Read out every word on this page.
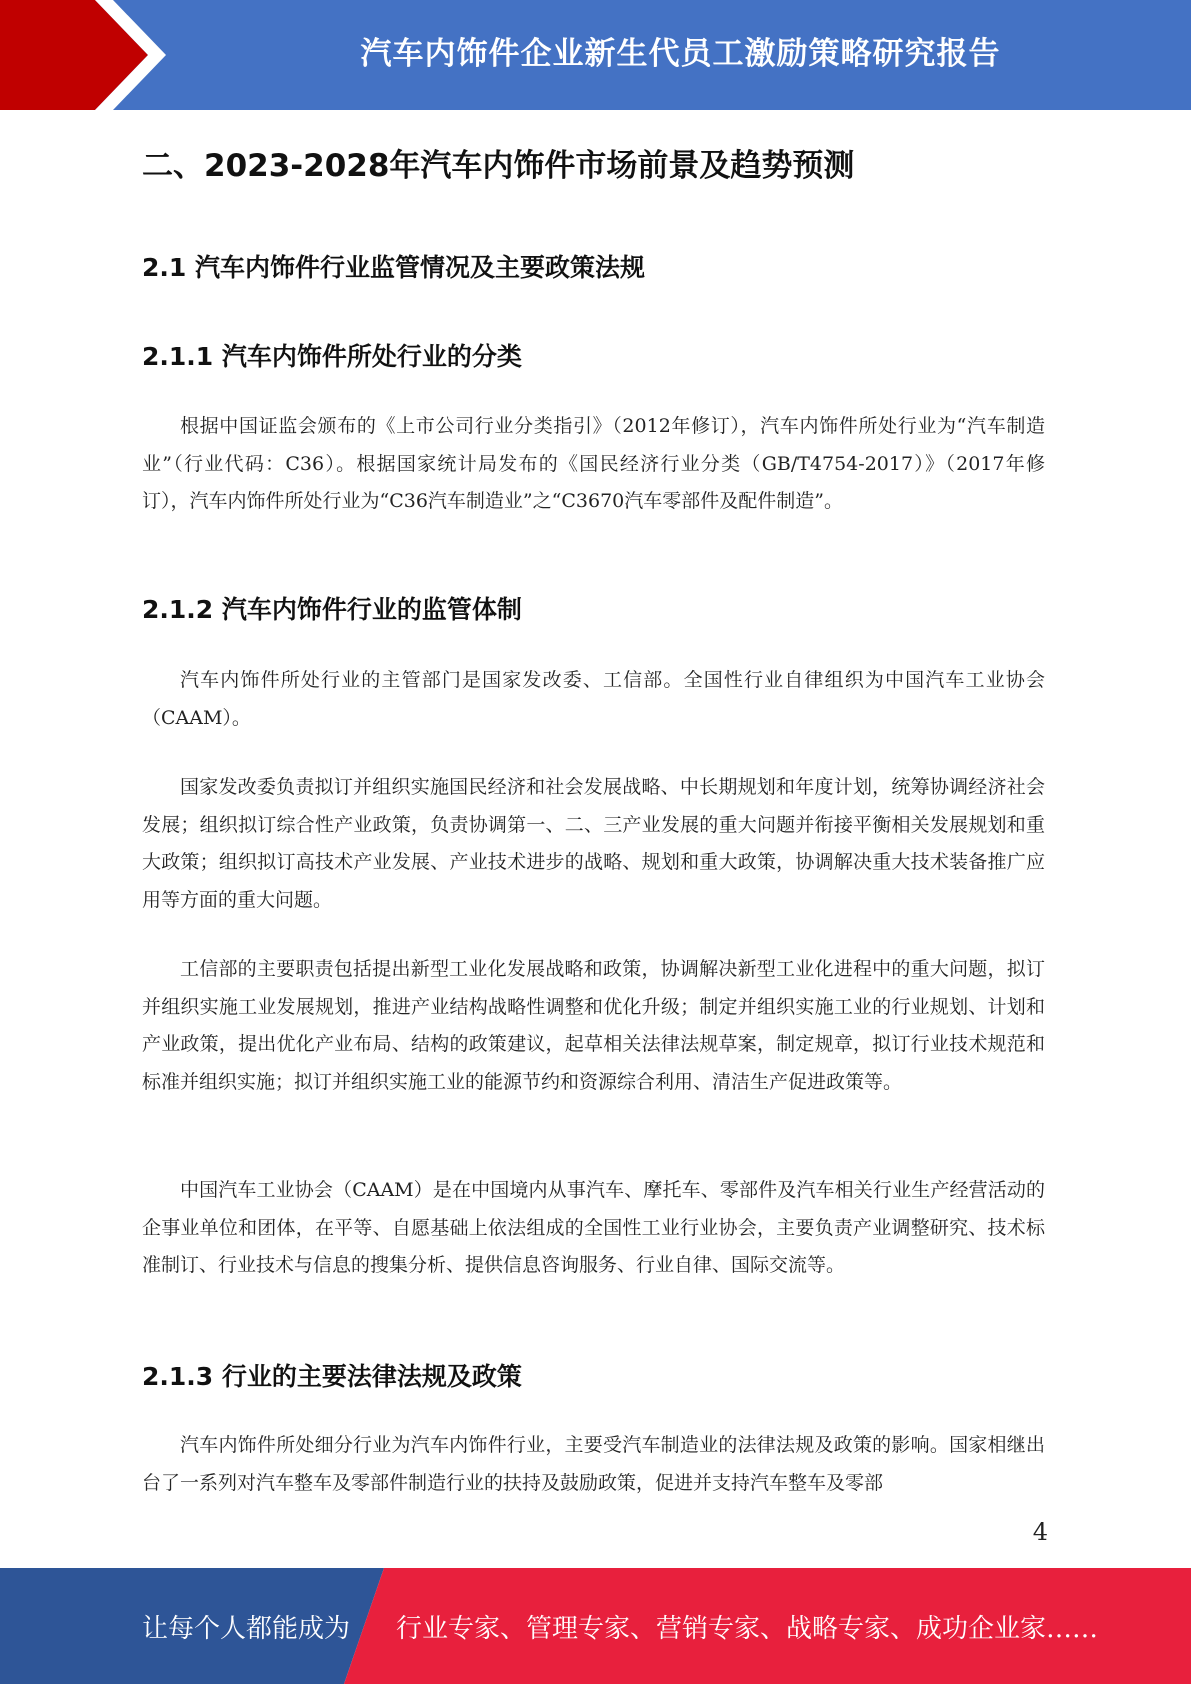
汽车内饰件企业新生代员工激励策略研究报告
二、2023-2028年汽车内饰件市场前景及趋势预测
2.1 汽车内饰件行业监管情况及主要政策法规
2.1.1 汽车内饰件所处行业的分类

根据中国证监会颁布的《上市公司行业分类指引》（2012年修订），汽车内饰件所处行业为“汽车制造业”（行业代码：C36）。根据国家统计局发布的《国民经济行业分类（GB/T4754-2017）》（2017年修订），汽车内饰件所处行业为“C36汽车制造业”之“C3670汽车零部件及配件制造”。

2.1.2 汽车内饰件行业的监管体制

汽车内饰件所处行业的主管部门是国家发改委、工信部。全国性行业自律组织为中国汽车工业协会（CAAM）。

国家发改委负责拟订并组织实施国民经济和社会发展战略、中长期规划和年度计划，统筹协调经济社会发展；组织拟订综合性产业政策，负责协调第一、二、三产业发展的重大问题并衔接平衡相关发展规划和重大政策；组织拟订高技术产业发展、产业技术进步的战略、规划和重大政策，协调解决重大技术装备推广应用等方面的重大问题。

工信部的主要职责包括提出新型工业化发展战略和政策，协调解决新型工业化进程中的重大问题，拟订并组织实施工业发展规划，推进产业结构战略性调整和优化升级；制定并组织实施工业的行业规划、计划和产业政策，提出优化产业布局、结构的政策建议，起草相关法律法规草案，制定规章，拟订行业技术规范和标准并组织实施；拟订并组织实施工业的能源节约和资源综合利用、清洁生产促进政策等。

中国汽车工业协会（CAAM）是在中国境内从事汽车、摩托车、零部件及汽车相关行业生产经营活动的企事业单位和团体，在平等、自愿基础上依法组成的全国性工业行业协会，主要负责产业调整研究、技术标准制订、行业技术与信息的搜集分析、提供信息咨询服务、行业自律、国际交流等。

2.1.3 行业的主要法律法规及政策

汽车内饰件所处细分行业为汽车内饰件行业，主要受汽车制造业的法律法规及政策的影响。国家相继出台了一系列对汽车整车及零部件制造行业的扶持及鼓励政策，促进并支持汽车整车及零部

4
让每个人都能成为 行业专家、管理专家、营销专家、战略专家、成功企业家……
